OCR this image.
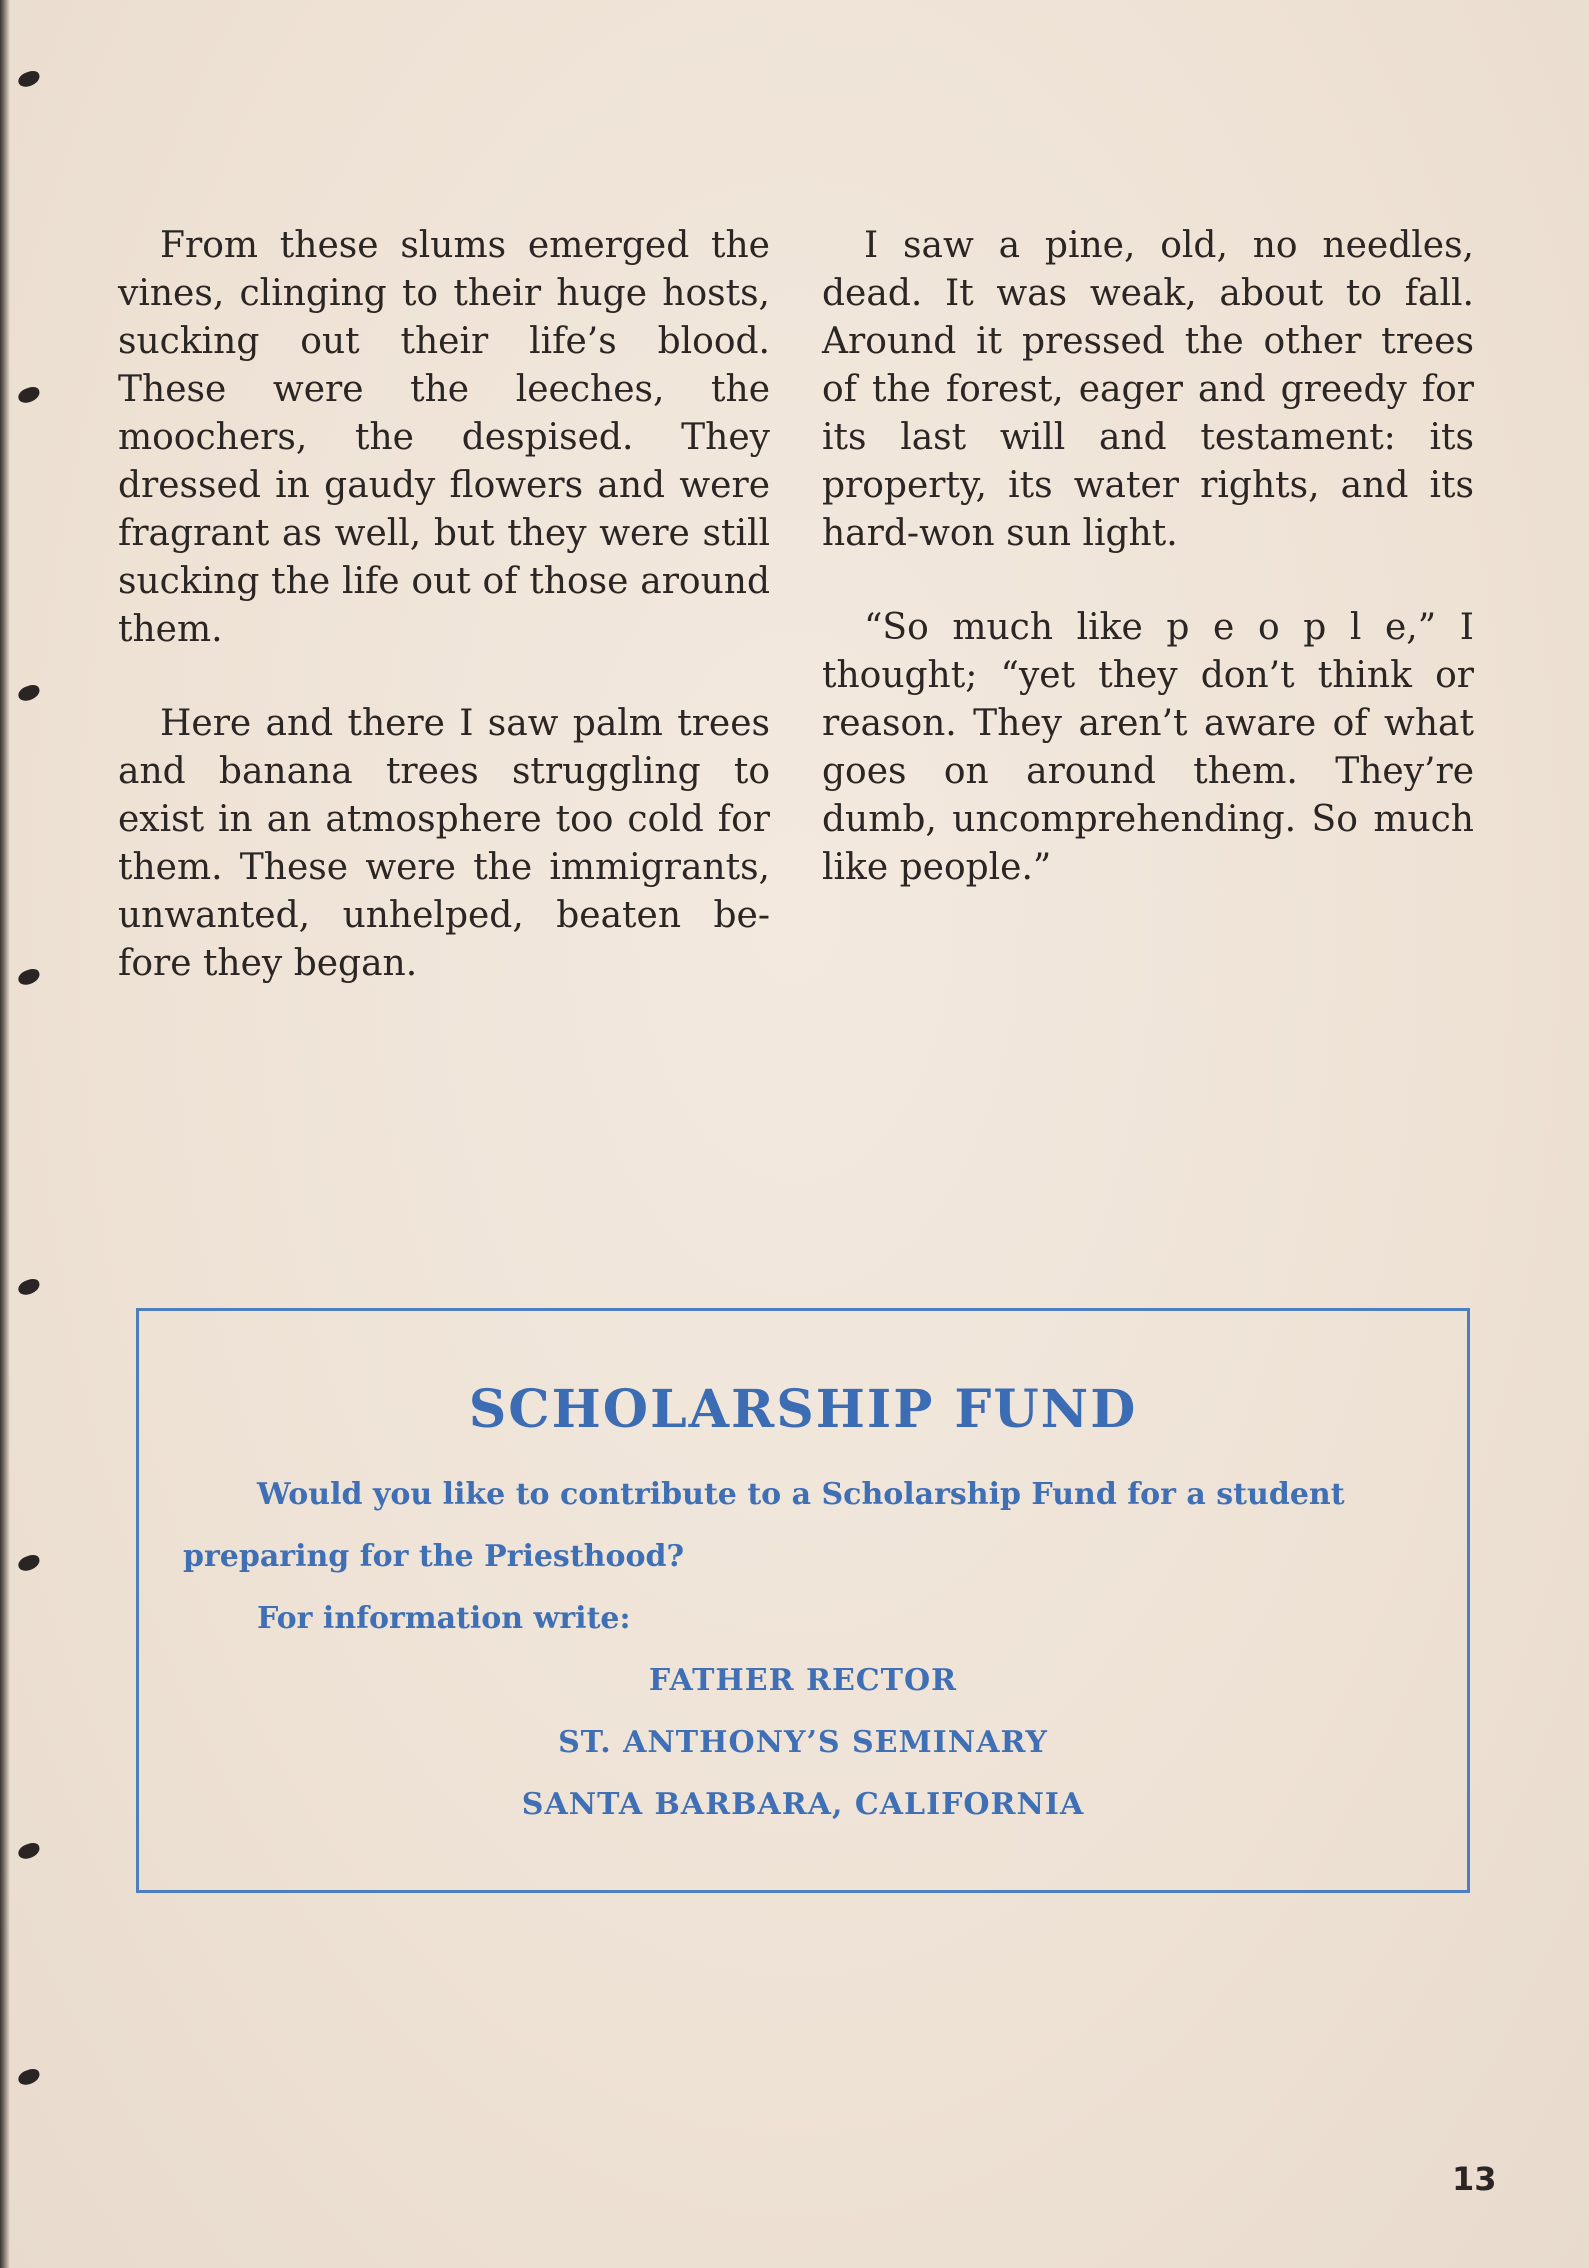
From these slums emerged the vines, clinging to their huge hosts, sucking out their life’s blood. These were the leeches, the moochers, the despised. They dressed in gaudy flowers and were fragrant as well, but they were still sucking the life out of those around them.

Here and there I saw palm trees and banana trees struggling to exist in an atmosphere too cold for them. These were the immigrants, unwanted, unhelped, beaten be-fore they began.

I saw a pine, old, no needles, dead. It was weak, about to fall. Around it pressed the other trees of the forest, eager and greedy for its last will and testament: its property, its water rights, and its hard-won sun light.

“So much like p e o p l e,” I thought; “yet they don’t think or reason. They aren’t aware of what goes on around them. They’re dumb, uncomprehending. So much like people.”

SCHOLARSHIP FUND
Would you like to contribute to a Scholarship Fund for a student
preparing for the Priesthood?
For information write:
FATHER RECTOR
ST. ANTHONY’S SEMINARY
SANTA BARBARA, CALIFORNIA
13
